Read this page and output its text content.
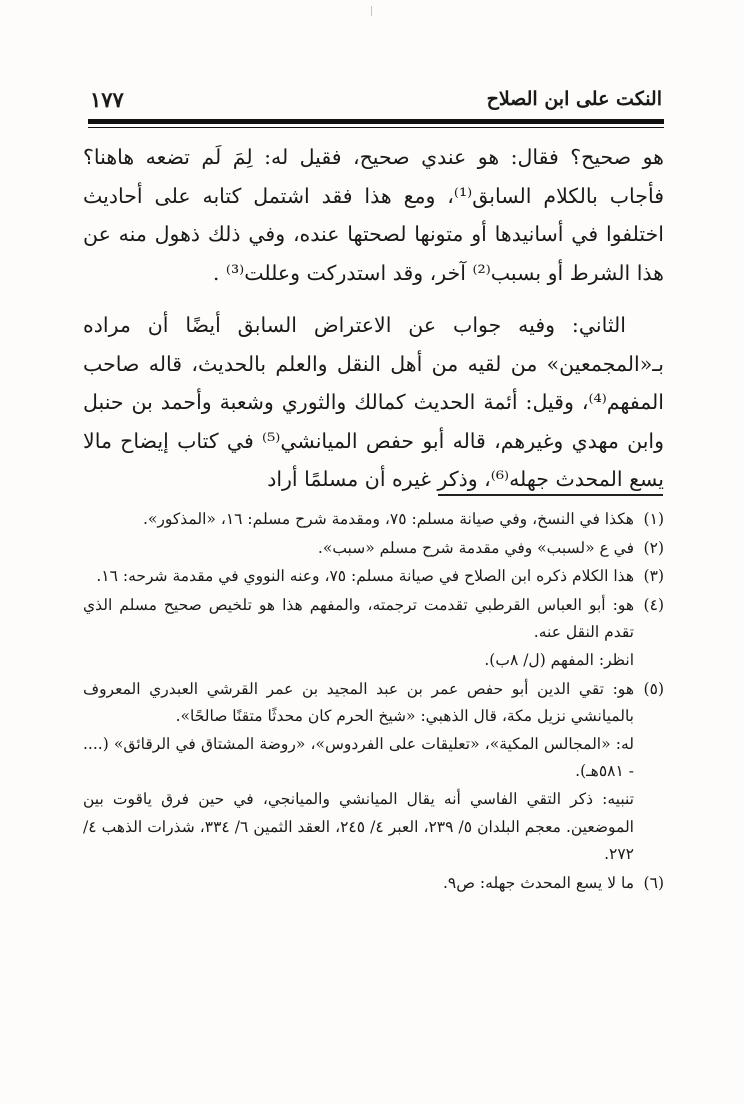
النكت على ابن الصلاح
١٧٧

هو صحيح؟ فقال: هو عندي صحيح، فقيل له: لِمَ لَم تضعه هاهنا؟ فأجاب بالكلام السابق⁽¹⁾، ومع هذا فقد اشتمل كتابه على أحاديث اختلفوا في أسانيدها أو متونها لصحتها عنده، وفي ذلك ذهول منه عن هذا الشرط أو بسبب⁽²⁾ آخر، وقد استدركت وعللت⁽³⁾ .

الثاني: وفيه جواب عن الاعتراض السابق أيضًا أن مراده بـ«المجمعين» من لقيه من أهل النقل والعلم بالحديث، قاله صاحب المفهم⁽⁴⁾، وقيل: أئمة الحديث كمالك والثوري وشعبة وأحمد بن حنبل وابن مهدي وغيرهم، قاله أبو حفص الميانشي⁽⁵⁾ في كتاب إيضاح مالا يسع المحدث جهله⁽⁶⁾، وذكر غيره أن مسلمًا أراد

(١)

هكذا في النسخ، وفي صيانة مسلم: ٧٥، ومقدمة شرح مسلم: ١٦، «المذكور».

(٢)

في ع «لسبب» وفي مقدمة شرح مسلم «سبب».

(٣)

هذا الكلام ذكره ابن الصلاح في صيانة مسلم: ٧٥، وعنه النووي في مقدمة شرحه: ١٦.

(٤)

هو: أبو العباس القرطبي تقدمت ترجمته، والمفهم هذا هو تلخيص صحيح مسلم الذي تقدم النقل عنه.

انظر: المفهم (ل/ ٨ب).

(٥)

هو: تقي الدين أبو حفص عمر بن عبد المجيد بن عمر القرشي العبدري المعروف بالميانشي نزيل مكة، قال الذهبي: «شيخ الحرم كان محدثًا متقنًا صالحًا».

له: «المجالس المكية»، «تعليقات على الفردوس»، «روضة المشتاق في الرقائق» (.... - ٥٨١هـ).

تنبيه: ذكر التقي الفاسي أنه يقال الميانشي والميانجي، في حين فرق ياقوت بين الموضعين. معجم البلدان ٥/ ٢٣٩، العبر ٤/ ٢٤٥، العقد الثمين ٦/ ٣٣٤، شذرات الذهب ٤/ ٢٧٢.

(٦)

ما لا يسع المحدث جهله: ص٩.
